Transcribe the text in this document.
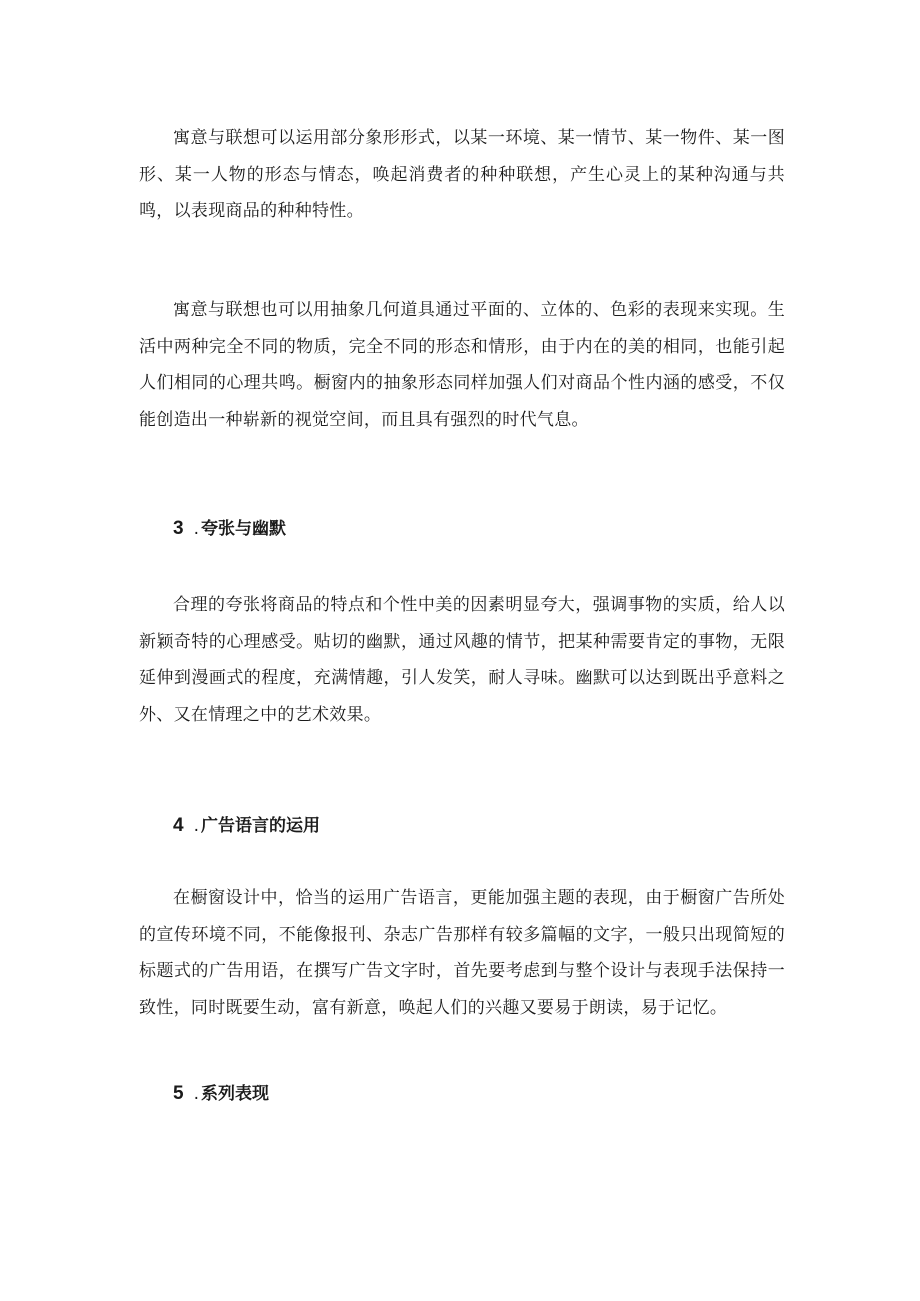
寓意与联想可以运用部分象形形式，以某一环境、某一情节、某一物件、某一图形、某一人物的形态与情态，唤起消费者的种种联想，产生心灵上的某种沟通与共鸣，以表现商品的种种特性。

寓意与联想也可以用抽象几何道具通过平面的、立体的、色彩的表现来实现。生活中两种完全不同的物质，完全不同的形态和情形，由于内在的美的相同，也能引起人们相同的心理共鸣。橱窗内的抽象形态同样加强人们对商品个性内涵的感受，不仅能创造出一种崭新的视觉空间，而且具有强烈的时代气息。

3 . 夸张与幽默

合理的夸张将商品的特点和个性中美的因素明显夸大，强调事物的实质，给人以新颖奇特的心理感受。贴切的幽默，通过风趣的情节，把某种需要肯定的事物，无限延伸到漫画式的程度，充满情趣，引人发笑，耐人寻味。幽默可以达到既出乎意料之外、又在情理之中的艺术效果。

4 . 广告语言的运用

在橱窗设计中，恰当的运用广告语言，更能加强主题的表现，由于橱窗广告所处的宣传环境不同，不能像报刊、杂志广告那样有较多篇幅的文字，一般只出现简短的标题式的广告用语，在撰写广告文字时，首先要考虑到与整个设计与表现手法保持一致性，同时既要生动，富有新意，唤起人们的兴趣又要易于朗读，易于记忆。

5 . 系列表现
